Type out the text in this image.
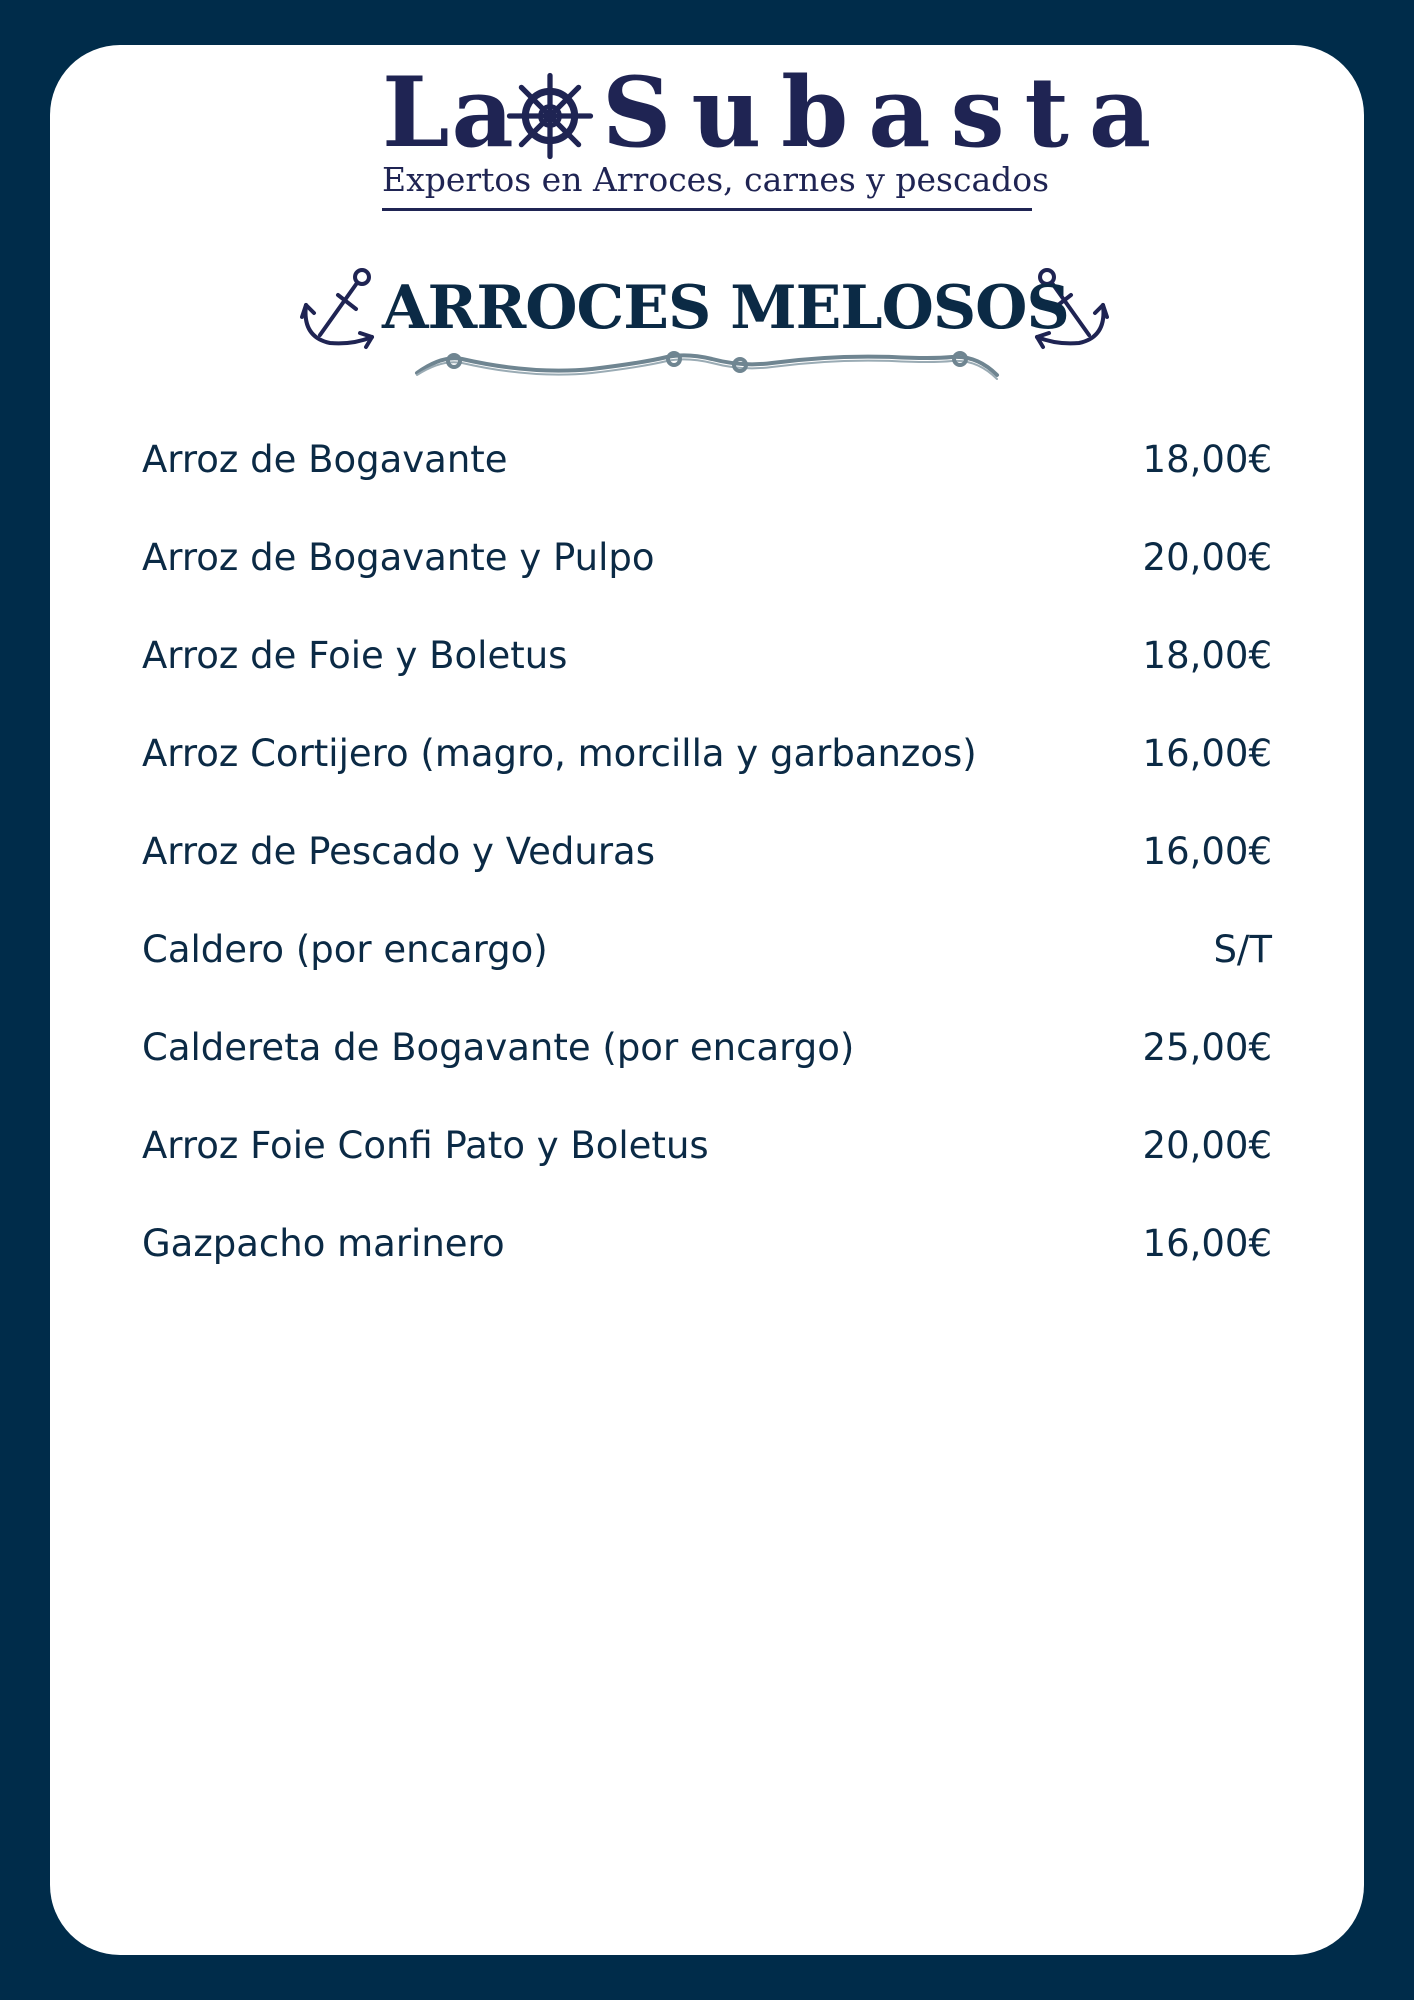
La Subasta
Expertos en Arroces, carnes y pescados
ARROCES MELOSOS
Arroz de Bogavante	18,00€
Arroz de Bogavante y Pulpo	20,00€
Arroz de Foie y Boletus	18,00€
Arroz Cortijero (magro, morcilla y garbanzos)	16,00€
Arroz de Pescado y Veduras	16,00€
Caldero (por encargo)	S/T
Caldereta de Bogavante (por encargo)	25,00€
Arroz Foie Confi Pato y Boletus	20,00€
Gazpacho marinero	16,00€
